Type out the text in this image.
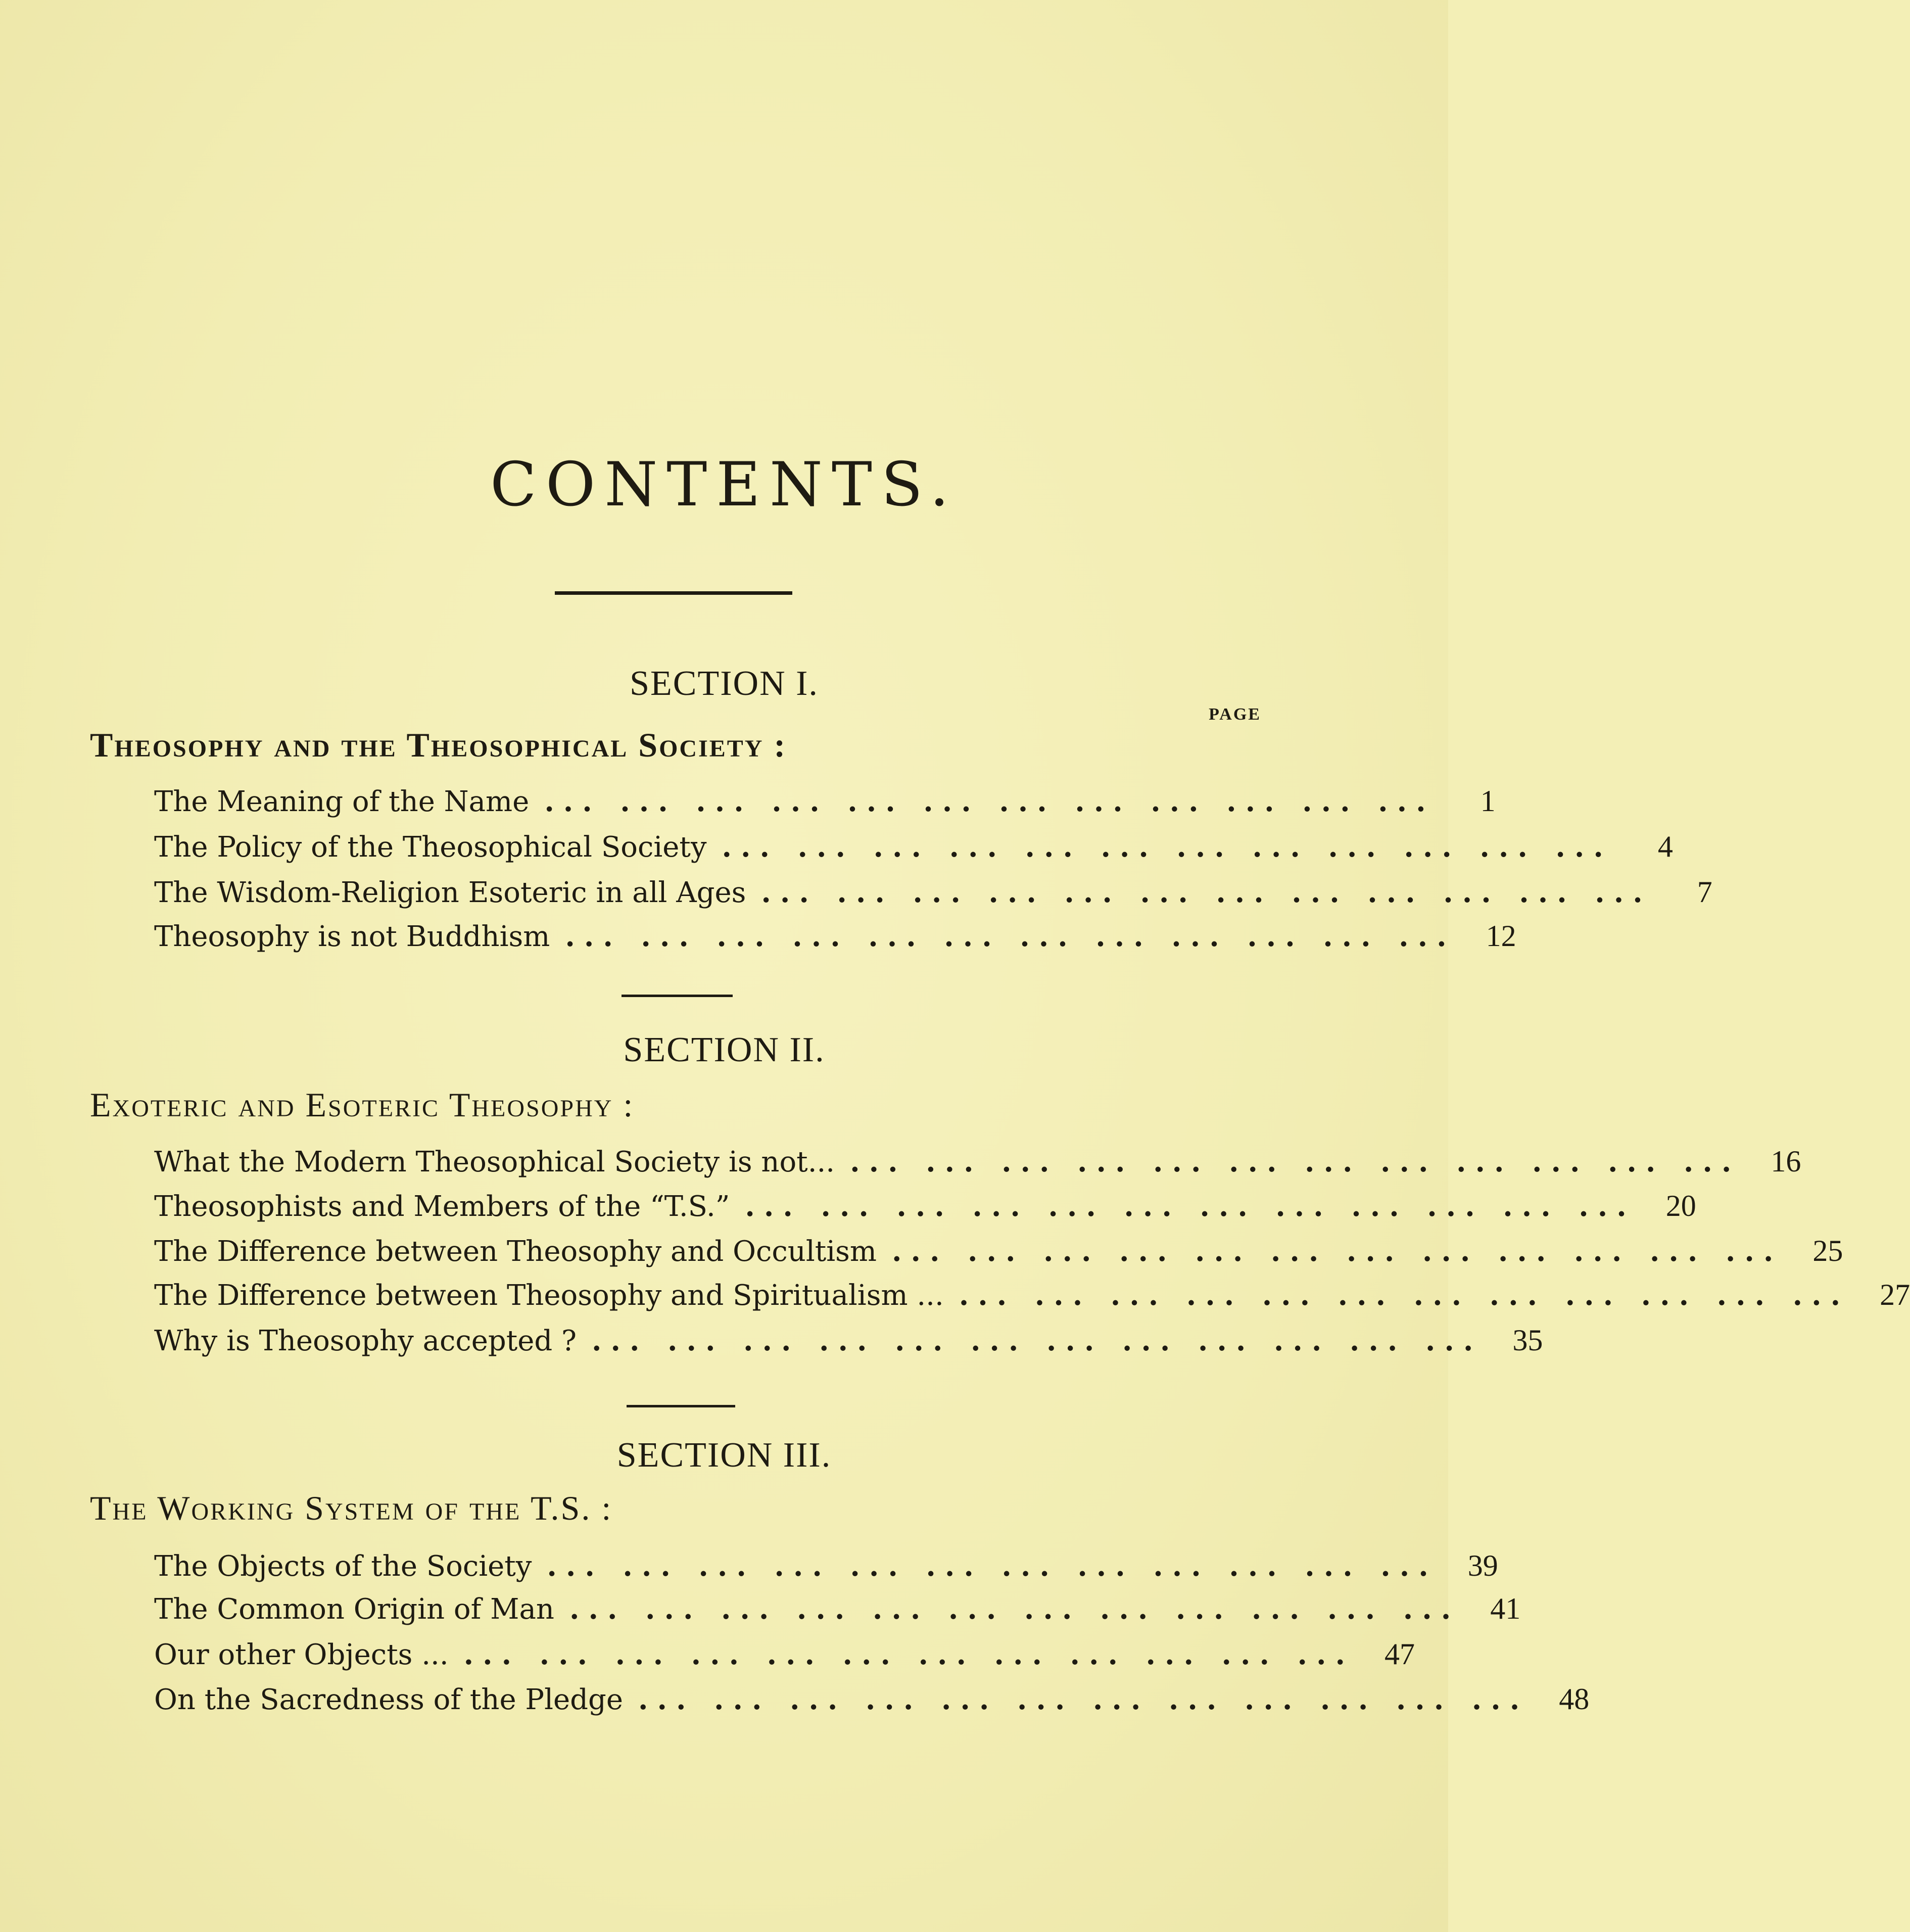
CONTENTS.
SECTION I.
PAGE
Theosophy and the Theosophical Society :
The Meaning of the Name ... ... ... ... ... ... ... ... ... ... ... ...	1
The Policy of the Theosophical Society ... ... ... ... ... ... ... ... ... ... ... ...	4
The Wisdom-Religion Esoteric in all Ages ... ... ... ... ... ... ... ... ... ... ... ...	7
Theosophy is not Buddhism ... ... ... ... ... ... ... ... ... ... ... ...	12
SECTION II.
Exoteric and Esoteric Theosophy :
What the Modern Theosophical Society is not... ... ... ... ... ... ... ... ... ... ... ... ...	16
Theosophists and Members of the “T.S.” ... ... ... ... ... ... ... ... ... ... ... ...	20
The Difference between Theosophy and Occultism ... ... ... ... ... ... ... ... ... ... ... ...	25
The Difference between Theosophy and Spiritualism ... ... ... ... ... ... ... ... ... ... ... ... ...	27
Why is Theosophy accepted ? ... ... ... ... ... ... ... ... ... ... ... ...	35
SECTION III.
The Working System of the T.S. :
The Objects of the Society ... ... ... ... ... ... ... ... ... ... ... ...	39
The Common Origin of Man ... ... ... ... ... ... ... ... ... ... ... ...	41
Our other Objects ... ... ... ... ... ... ... ... ... ... ... ... ...	47
On the Sacredness of the Pledge ... ... ... ... ... ... ... ... ... ... ... ...	48
